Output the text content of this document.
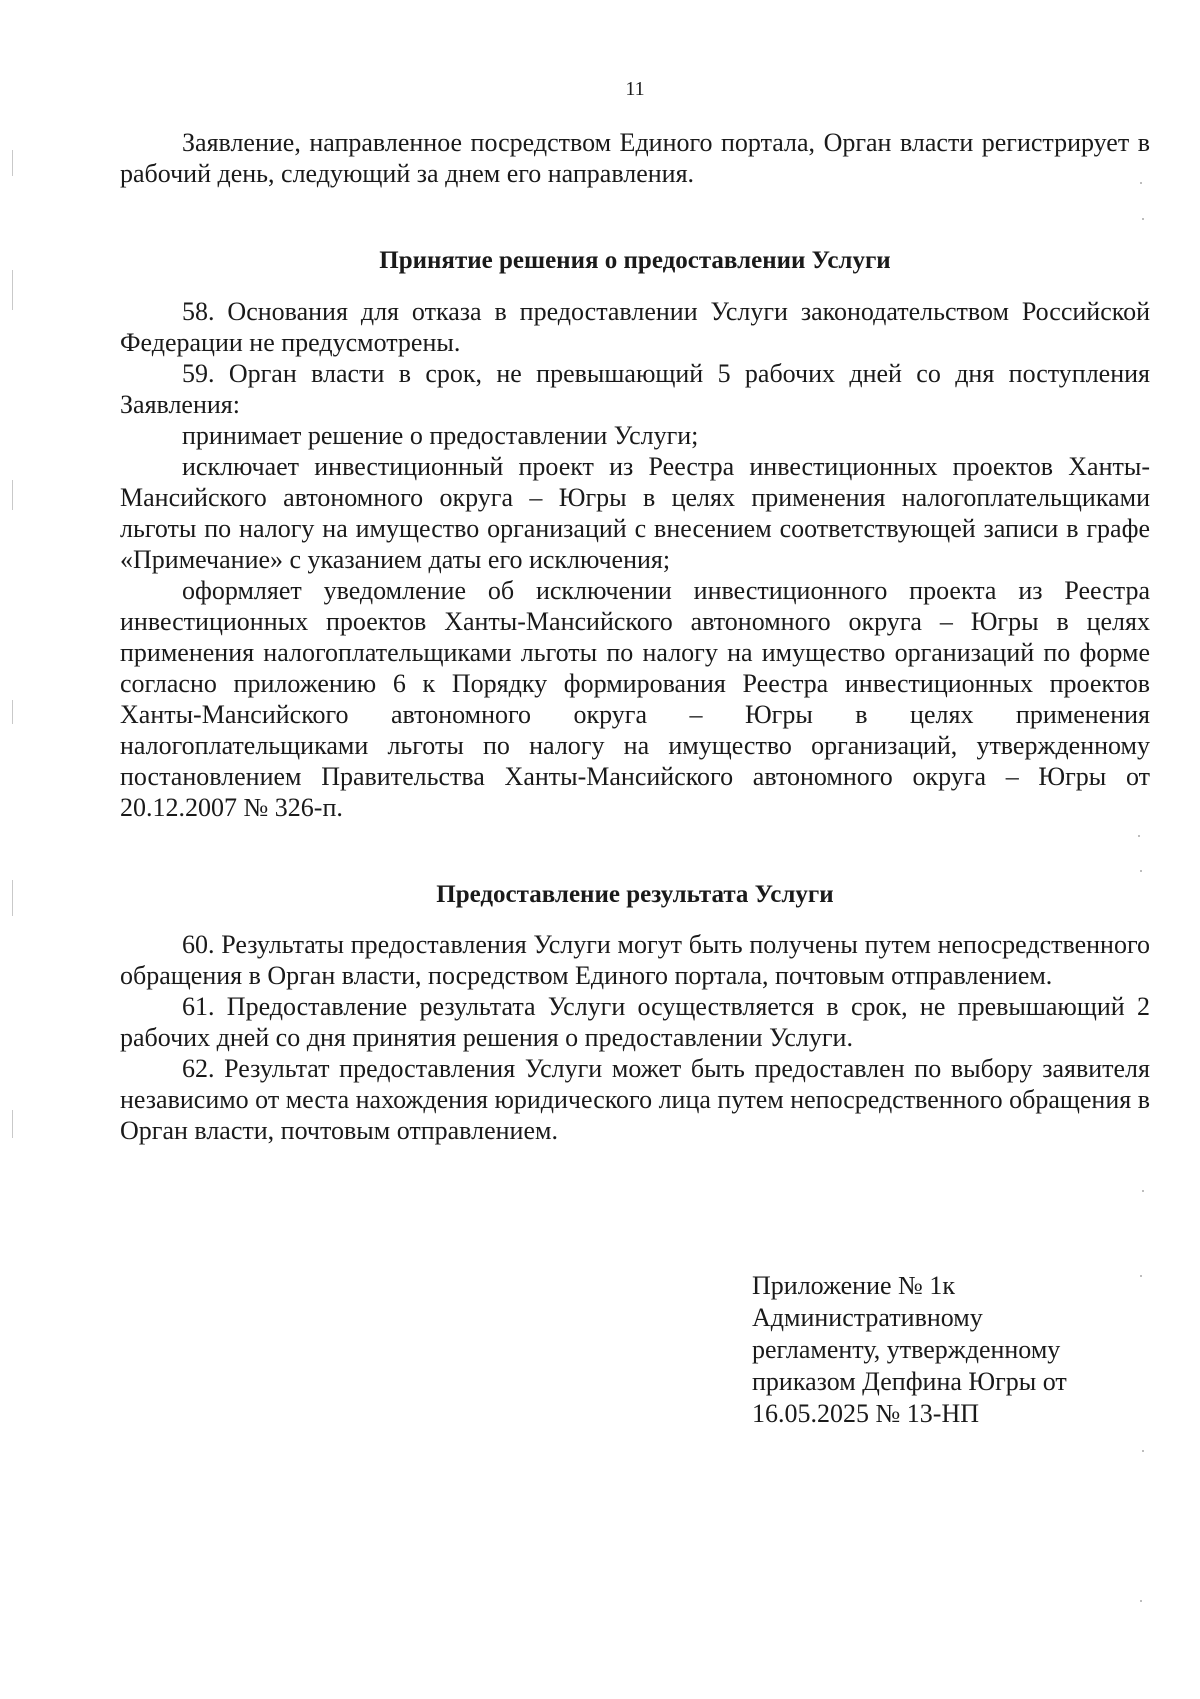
11

Заявление, направленное посредством Единого портала, Орган власти регистрирует в рабочий день, следующий за днем его направления.

Принятие решения о предоставлении Услуги

58. Основания для отказа в предоставлении Услуги законодательством Российской Федерации не предусмотрены.

59. Орган власти в срок, не превышающий 5 рабочих дней со дня поступления Заявления:

принимает решение о предоставлении Услуги;

исключает инвестиционный проект из Реестра инвестиционных проектов Ханты-Мансийского автономного округа – Югры в целях применения налогоплательщиками льготы по налогу на имущество организаций с внесением соответствующей записи в графе «Примечание» с указанием даты его исключения;

оформляет уведомление об исключении инвестиционного проекта из Реестра инвестиционных проектов Ханты-Мансийского автономного округа – Югры в целях применения налогоплательщиками льготы по налогу на имущество организаций по форме согласно приложению 6 к Порядку формирования Реестра инвестиционных проектов Ханты-Мансийского автономного округа – Югры в целях применения налогоплательщиками льготы по налогу на имущество организаций, утвержденному постановлением Правительства Ханты-Мансийского автономного округа – Югры от 20.12.2007 № 326-п.

Предоставление результата Услуги

60. Результаты предоставления Услуги могут быть получены путем непосредственного обращения в Орган власти, посредством Единого портала, почтовым отправлением.

61. Предоставление результата Услуги осуществляется в срок, не превышающий 2 рабочих дней со дня принятия решения о предоставлении Услуги.

62. Результат предоставления Услуги может быть предоставлен по выбору заявителя независимо от места нахождения юридического лица путем непосредственного обращения в Орган власти, почтовым отправлением.

Приложение № 1к
Административному
регламенту, утвержденному
приказом Депфина Югры от
16.05.2025 № 13-НП
